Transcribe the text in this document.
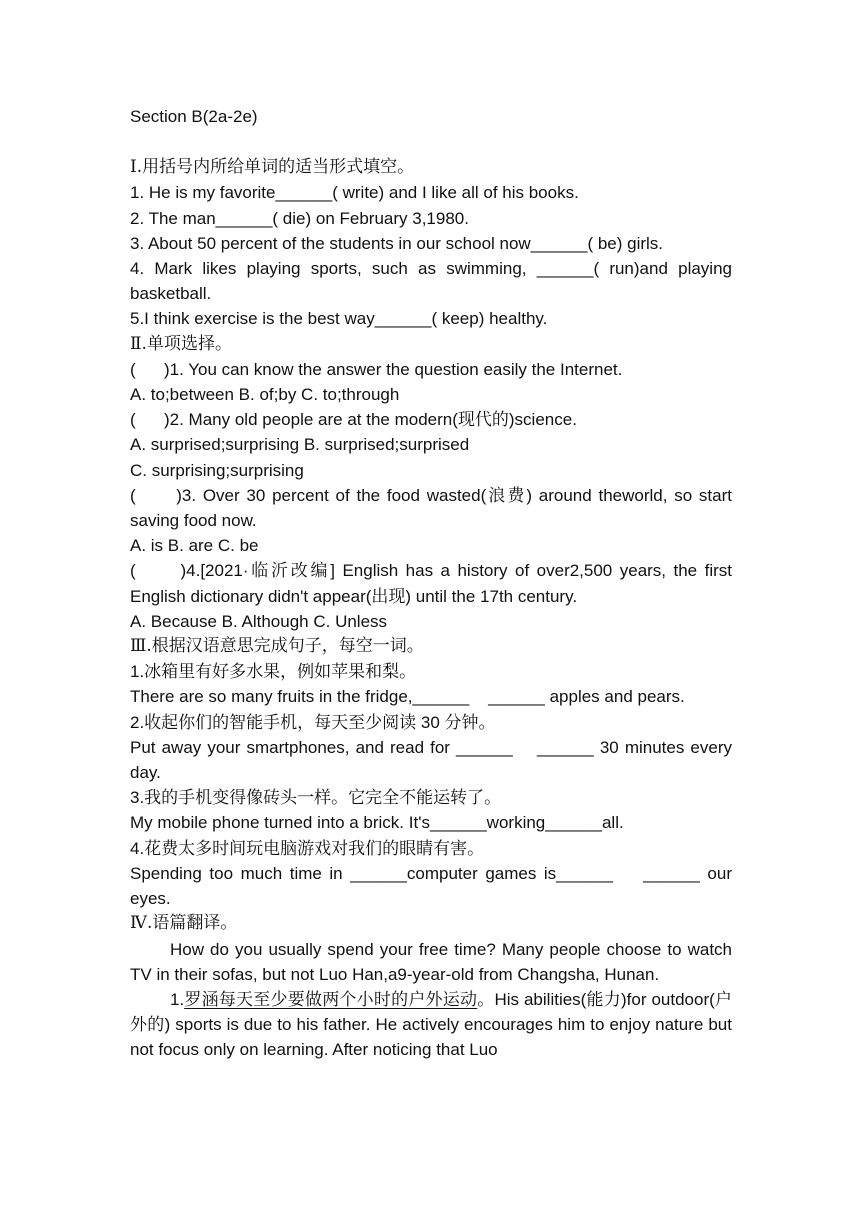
Section B(2a-2e)

Ⅰ.用括号内所给单词的适当形式填空。

1. He is my favorite______( write) and I like all of his books.

2. The man______( die) on February 3,1980.

3. About 50 percent of the students in our school now______( be) girls.

4. Mark likes playing sports, such as swimming, ______( run)and playing basketball.

5.I think exercise is the best way______( keep) healthy.

Ⅱ.单项选择。

(      )1. You can know the answer the question easily the Internet.

A. to;between B. of;by C. to;through

(      )2. Many old people are at the modern(现代的)science.

A. surprised;surprising B. surprised;surprised

C. surprising;surprising

(      )3. Over 30 percent of the food wasted(浪费) around theworld, so start saving food now.

A. is B. are C. be

(      )4.[2021·临沂改编] English has a history of over2,500 years, the first English dictionary didn't appear(出现) until the 17th century.

A. Because B. Although C. Unless

Ⅲ.根据汉语意思完成句子，每空一词。

1.冰箱里有好多水果，例如苹果和梨。

There are so many fruits in the fridge,______    ______ apples and pears.

2.收起你们的智能手机，每天至少阅读 30 分钟。

Put away your smartphones, and read for ______    ______ 30 minutes every day.

3.我的手机变得像砖头一样。它完全不能运转了。

My mobile phone turned into a brick. It's______working______all.

4.花费太多时间玩电脑游戏对我们的眼睛有害。

Spending too much time in ______computer games is______    ______ our eyes.

Ⅳ.语篇翻译。

How do you usually spend your free time? Many people choose to watch TV in their sofas, but not Luo Han,a9-year-old from Changsha, Hunan.

1.罗涵每天至少要做两个小时的户外运动。His abilities(能力)for outdoor(户外的) sports is due to his father. He actively encourages him to enjoy nature but not focus only on learning. After noticing that Luo
